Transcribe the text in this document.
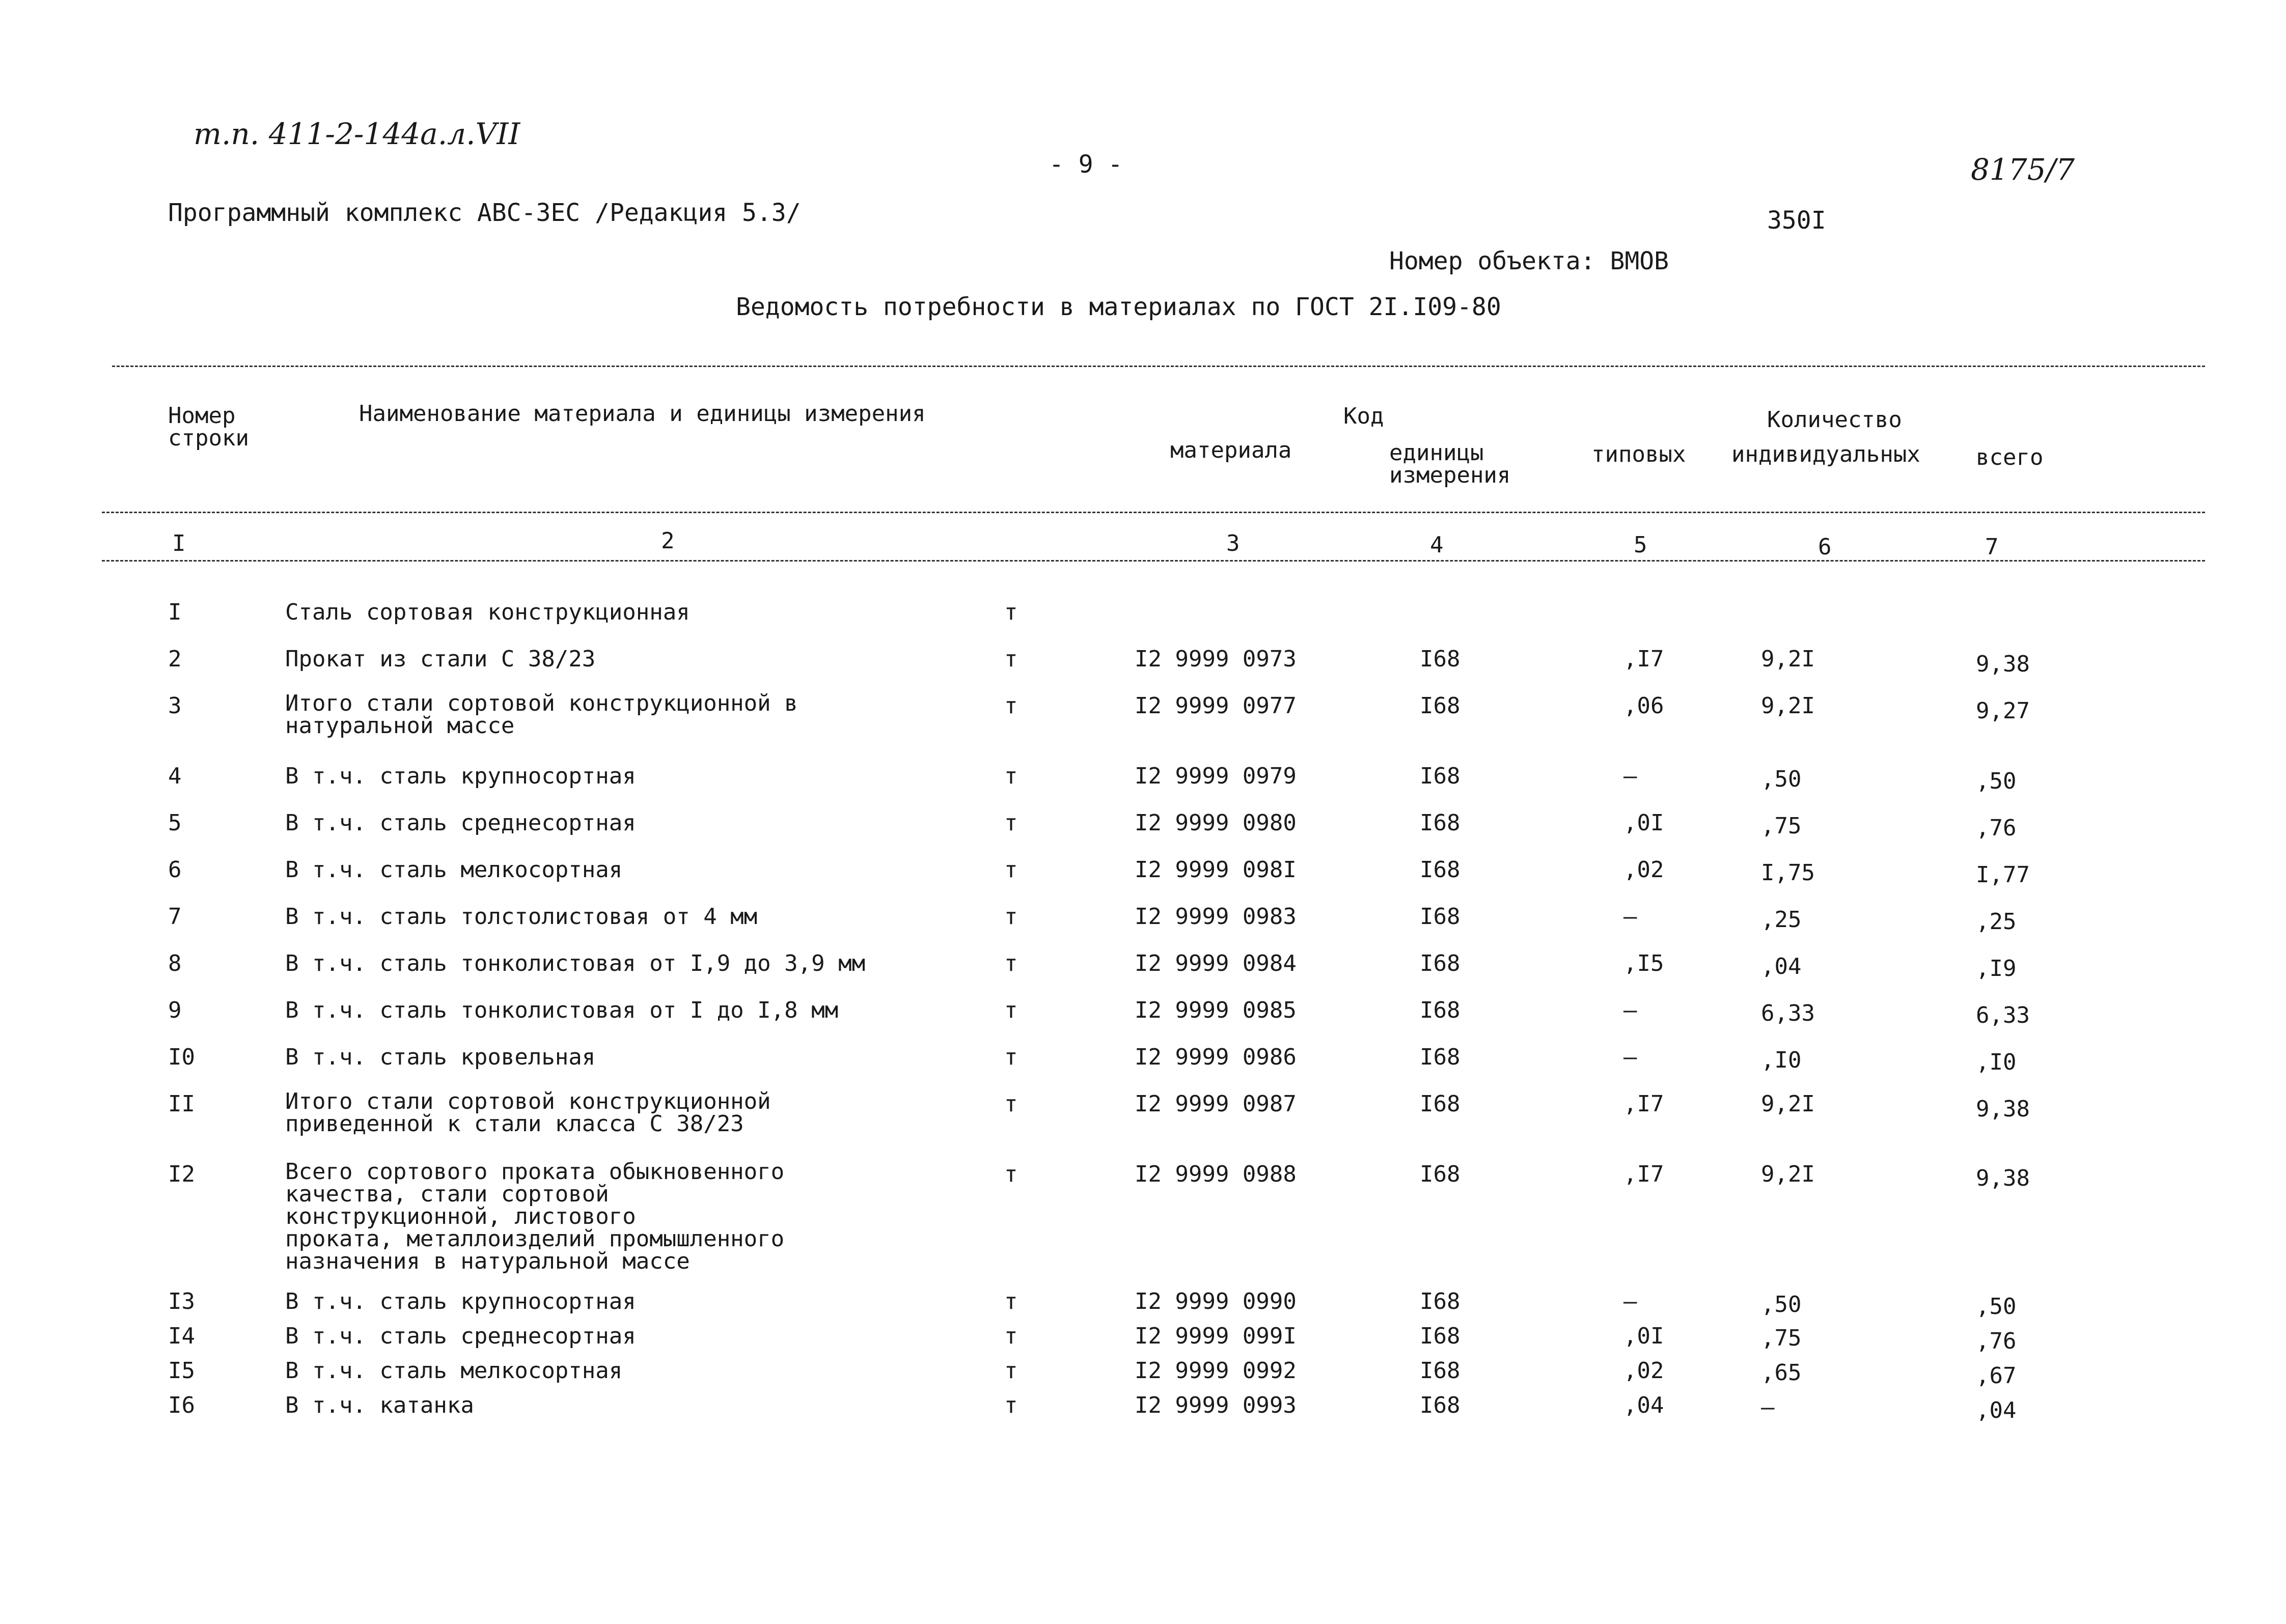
т.п. 411-2-144а.л.VII
- 9 -	8175/7
Программный комплекс АВС-ЗЕС /Редакция 5.3/	350I
Номер объекта: ВМОВ
Ведомость потребности в материалах по ГОСТ 2I.I09-80
Номер
строки
Наименование материала и единицы измерения	Код
материала	единицы
измерения
Количество
типовых индивидуальных всего
I	2	3	4	5	6	7
I	Сталь сортовая конструкционная	т
2	Прокат из стали С 38/23	т	I2 9999 0973	I68	,I7	9,2I	9,38
3	Итого стали сортовой конструкционной в
натуральной массе
т	I2 9999 0977	I68	,06	9,2I	9,27
4	В т.ч. сталь крупносортная	т	I2 9999 0979	I68	–	,50	,50
5	В т.ч. сталь среднесортная	т	I2 9999 0980	I68	,0I	,75	,76
6	В т.ч. сталь мелкосортная	т	I2 9999 098I	I68	,02	I,75	I,77
7	В т.ч. сталь толстолистовая от 4 мм	т	I2 9999 0983	I68	–	,25	,25
8	В т.ч. сталь тонколистовая от I,9 до 3,9 мм	т	I2 9999 0984	I68	,I5	,04	,I9
9	В т.ч. сталь тонколистовая от I до I,8 мм	т	I2 9999 0985	I68	–	6,33	6,33
I0	В т.ч. сталь кровельная	т	I2 9999 0986	I68	–	,I0	,I0
II	Итого стали сортовой конструкционной
приведенной к стали класса С 38/23
т	I2 9999 0987	I68	,I7	9,2I	9,38
I2	Всего сортового проката обыкновенного
качества, стали сортовой
конструкционной, листового
проката, металлоизделий промышленного
назначения в натуральной массе
т	I2 9999 0988	I68	,I7	9,2I	9,38
I3	В т.ч. сталь крупносортная	т	I2 9999 0990	I68	–	,50	,50
I4	В т.ч. сталь среднесортная	т	I2 9999 099I	I68	,0I	,75	,76
I5	В т.ч. сталь мелкосортная	т	I2 9999 0992	I68	,02	,65	,67
I6	В т.ч. катанка	т	I2 9999 0993	I68	,04	–	,04
